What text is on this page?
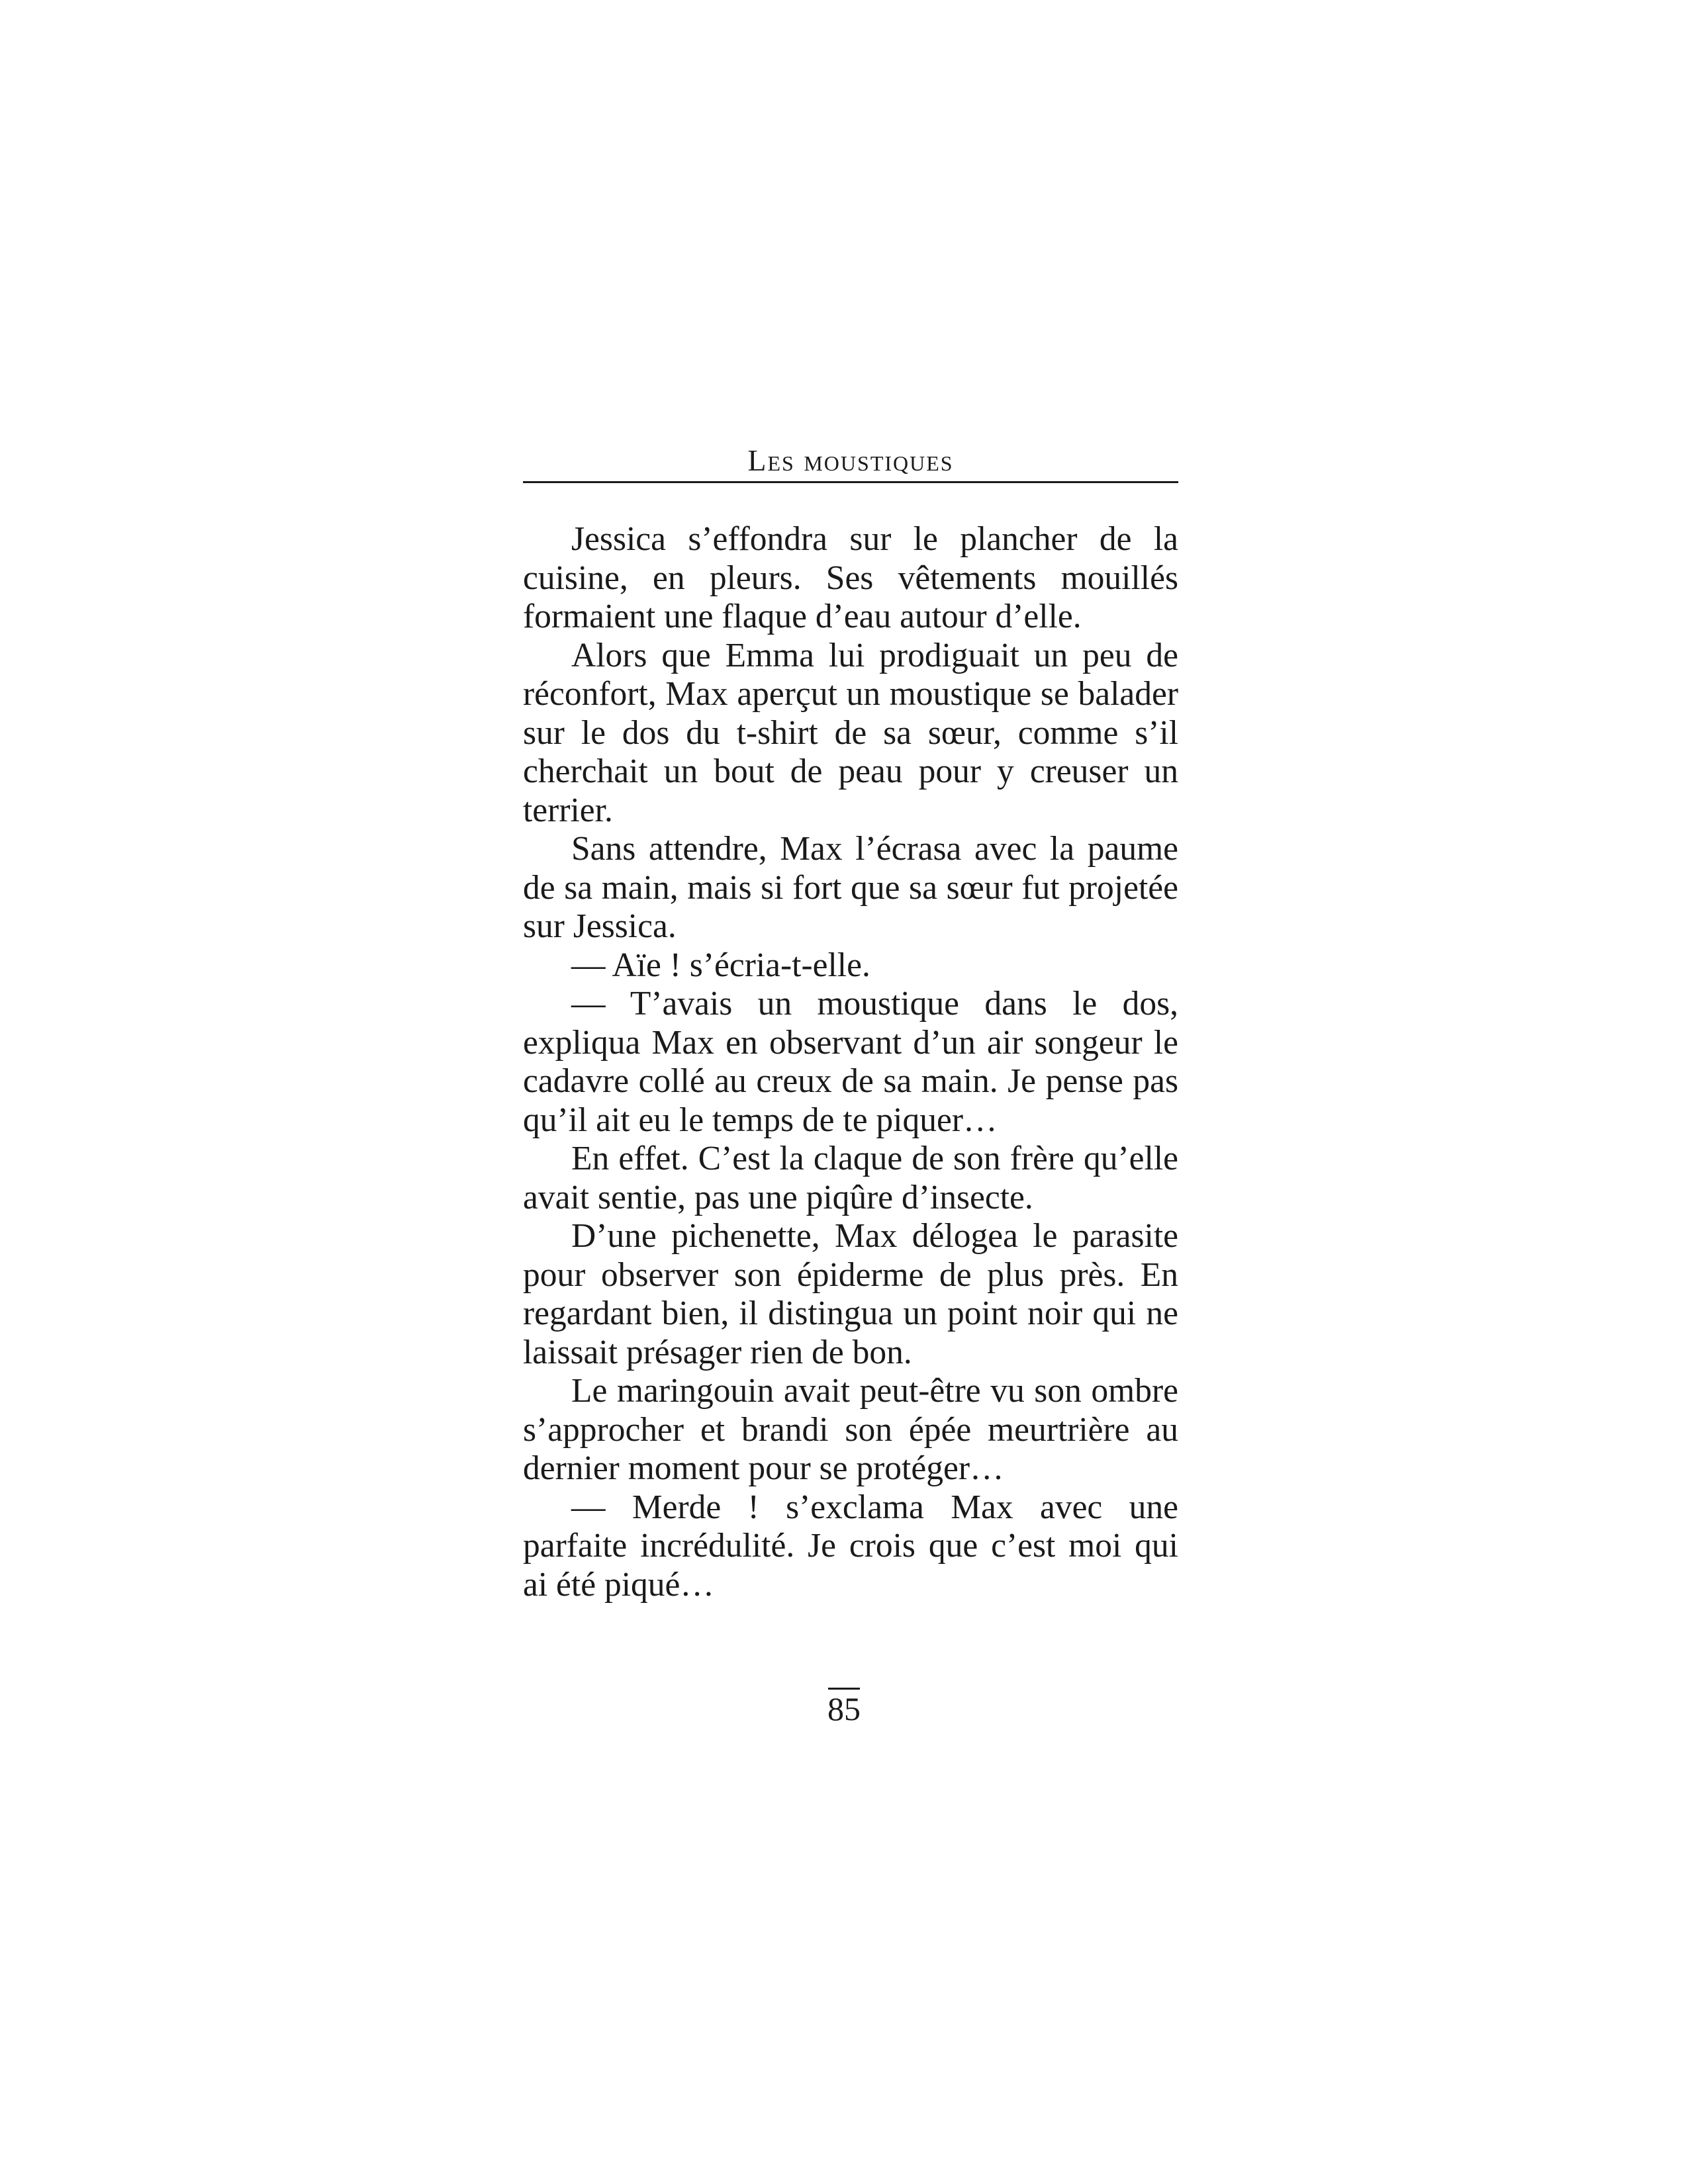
Les moustiques

Jessica s’effondra sur le plancher de la cuisine, en pleurs. Ses vêtements mouillés formaient une flaque d’eau autour d’elle.

Alors que Emma lui prodiguait un peu de réconfort, Max aperçut un moustique se balader sur le dos du t-shirt de sa sœur, comme s’il cherchait un bout de peau pour y creuser un terrier.

Sans attendre, Max l’écrasa avec la paume de sa main, mais si fort que sa sœur fut projetée sur Jessica.

— Aïe ! s’écria-t-elle.

— T’avais un moustique dans le dos, expliqua Max en observant d’un air songeur le cadavre collé au creux de sa main. Je pense pas qu’il ait eu le temps de te piquer…

En effet. C’est la claque de son frère qu’elle avait sentie, pas une piqûre d’insecte.

D’une pichenette, Max délogea le parasite pour observer son épiderme de plus près. En regardant bien, il distingua un point noir qui ne laissait présager rien de bon.

Le maringouin avait peut-être vu son ombre s’approcher et brandi son épée meurtrière au dernier moment pour se protéger…

— Merde ! s’exclama Max avec une parfaite incrédulité. Je crois que c’est moi qui ai été piqué…

85
